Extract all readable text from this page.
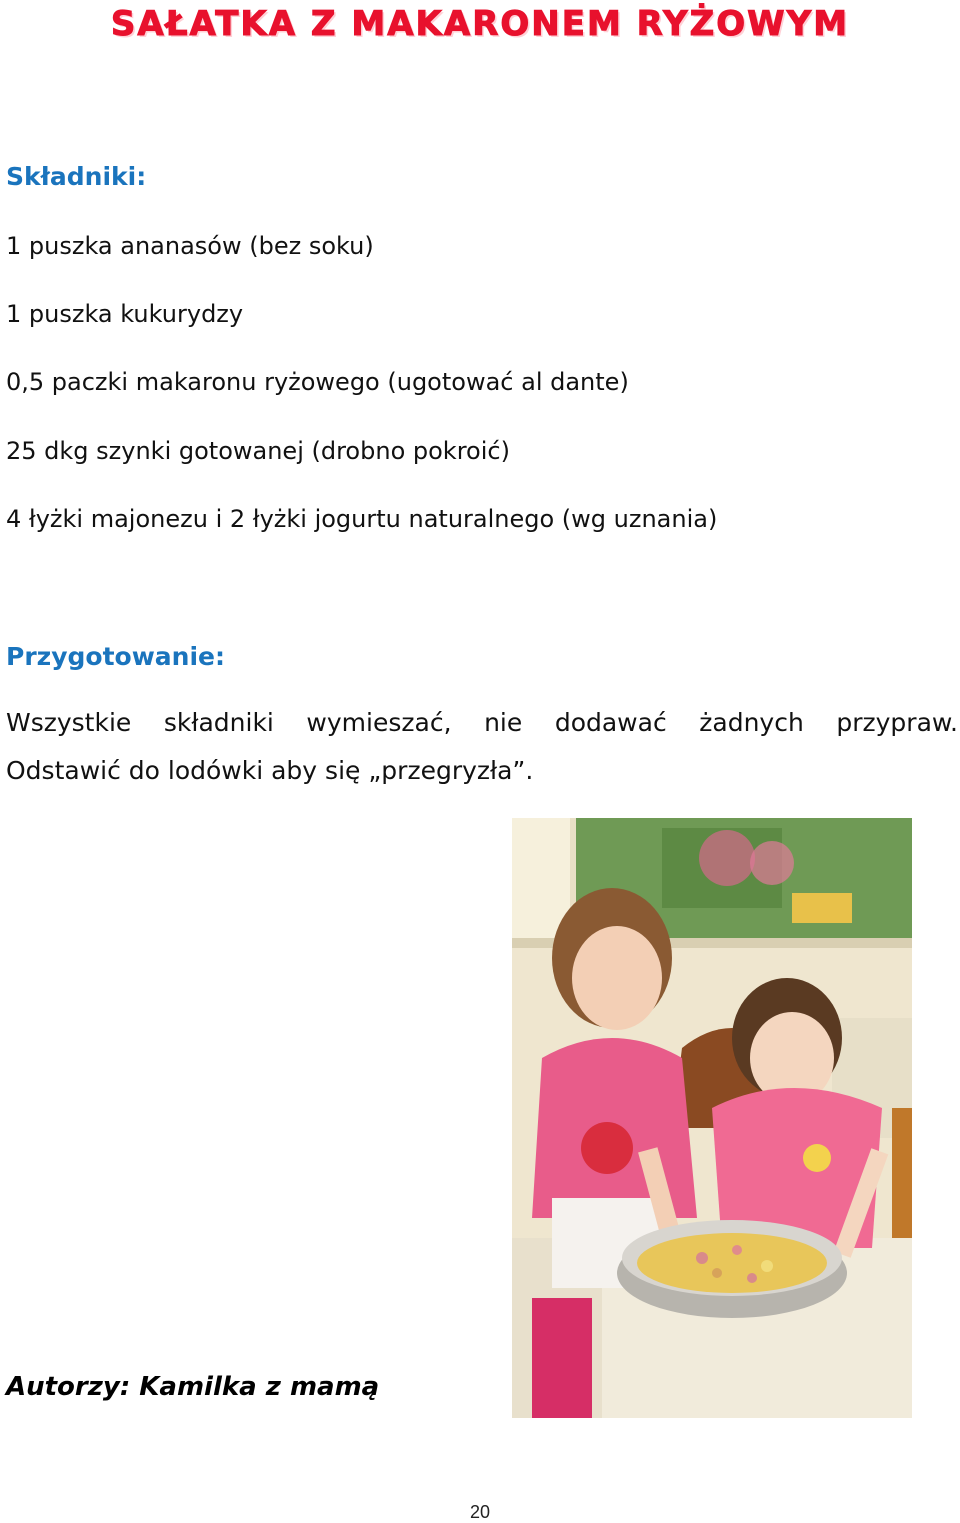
SAŁATKA Z MAKARONEM RYŻOWYM
Składniki:
1 puszka ananasów (bez soku)
1 puszka kukurydzy
0,5 paczki makaronu ryżowego (ugotować al dante)
25 dkg szynki gotowanej (drobno pokroić)
4 łyżki majonezu i 2 łyżki jogurtu naturalnego (wg uznania)
Przygotowanie:
Wszystkie składniki wymieszać, nie dodawać żadnych przypraw.
Odstawić do lodówki aby się „przegryzła”.
Autorzy: Kamilka z mamą
20
